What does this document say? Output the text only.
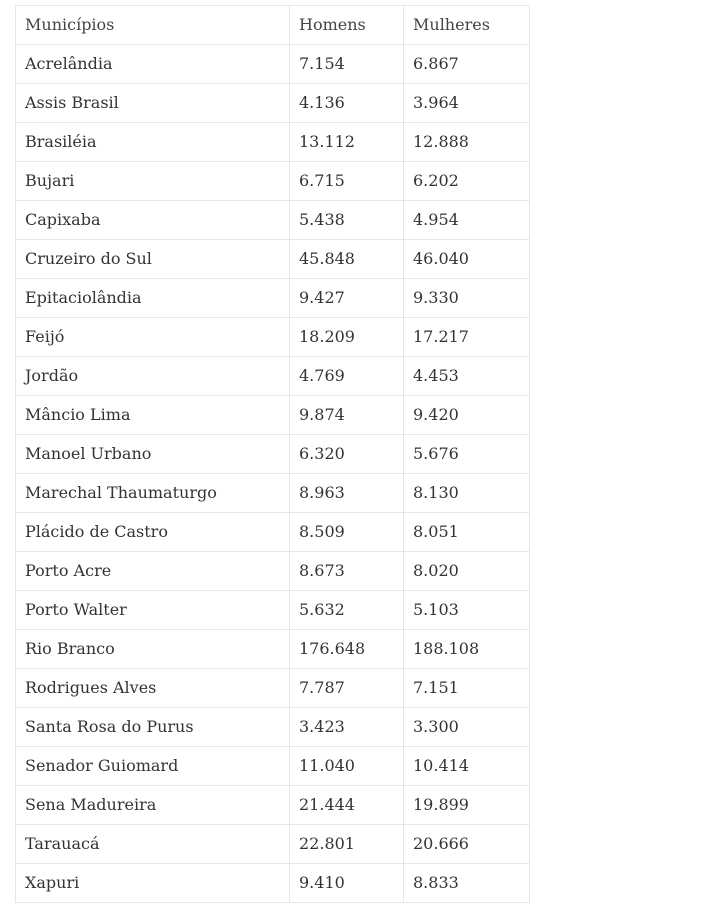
Municípios	Homens	Mulheres
Acrelândia	7.154	6.867
Assis Brasil	4.136	3.964
Brasiléia	13.112	12.888
Bujari	6.715	6.202
Capixaba	5.438	4.954
Cruzeiro do Sul	45.848	46.040
Epitaciolândia	9.427	9.330
Feijó	18.209	17.217
Jordão	4.769	4.453
Mâncio Lima	9.874	9.420
Manoel Urbano	6.320	5.676
Marechal Thaumaturgo	8.963	8.130
Plácido de Castro	8.509	8.051
Porto Acre	8.673	8.020
Porto Walter	5.632	5.103
Rio Branco	176.648	188.108
Rodrigues Alves	7.787	7.151
Santa Rosa do Purus	3.423	3.300
Senador Guiomard	11.040	10.414
Sena Madureira	21.444	19.899
Tarauacá	22.801	20.666
Xapuri	9.410	8.833
